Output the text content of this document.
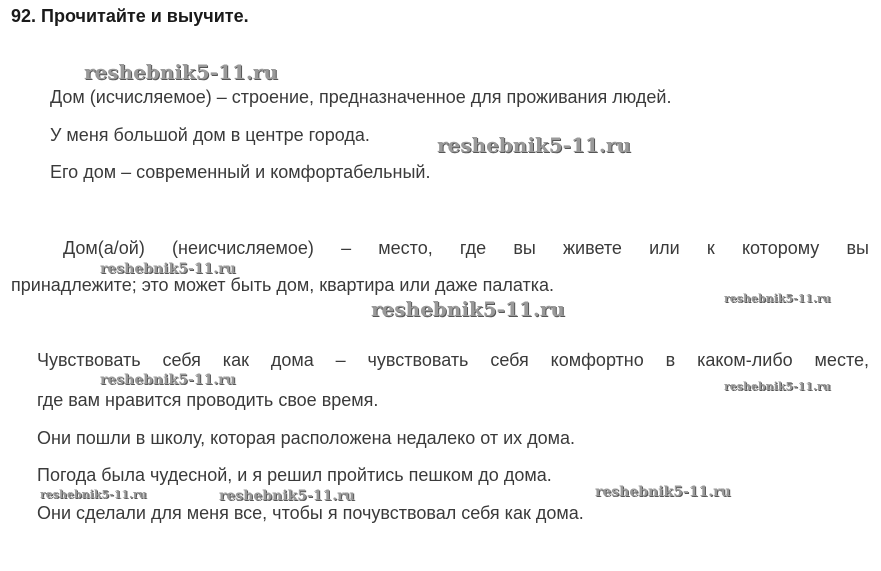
92. Прочитайте и выучите.

Дом (исчисляемое) – строение, предназначенное для проживания людей.

У меня большой дом в центре города.

Его дом – современный и комфортабельный.

Дом(а/ой) (неисчисляемое) – место, где вы живете или к которому вы

принадлежите; это может быть дом, квартира или даже палатка.

Чувствовать себя как дома – чувствовать себя комфортно в каком-либо месте,

где вам нравится проводить свое время.

Они пошли в школу, которая расположена недалеко от их дома.

Погода была чудесной, и я решил пройтись пешком до дома.

Они сделали для меня все, чтобы я почувствовал себя как дома.

reshebnik5-11.ru
reshebnik5-11.ru
reshebnik5-11.ru
reshebnik5-11.ru
reshebnik5-11.ru
reshebnik5-11.ru	reshebnik5-11.ru
reshebnik5-11.ru	reshebnik5-11.ru	reshebnik5-11.ru
